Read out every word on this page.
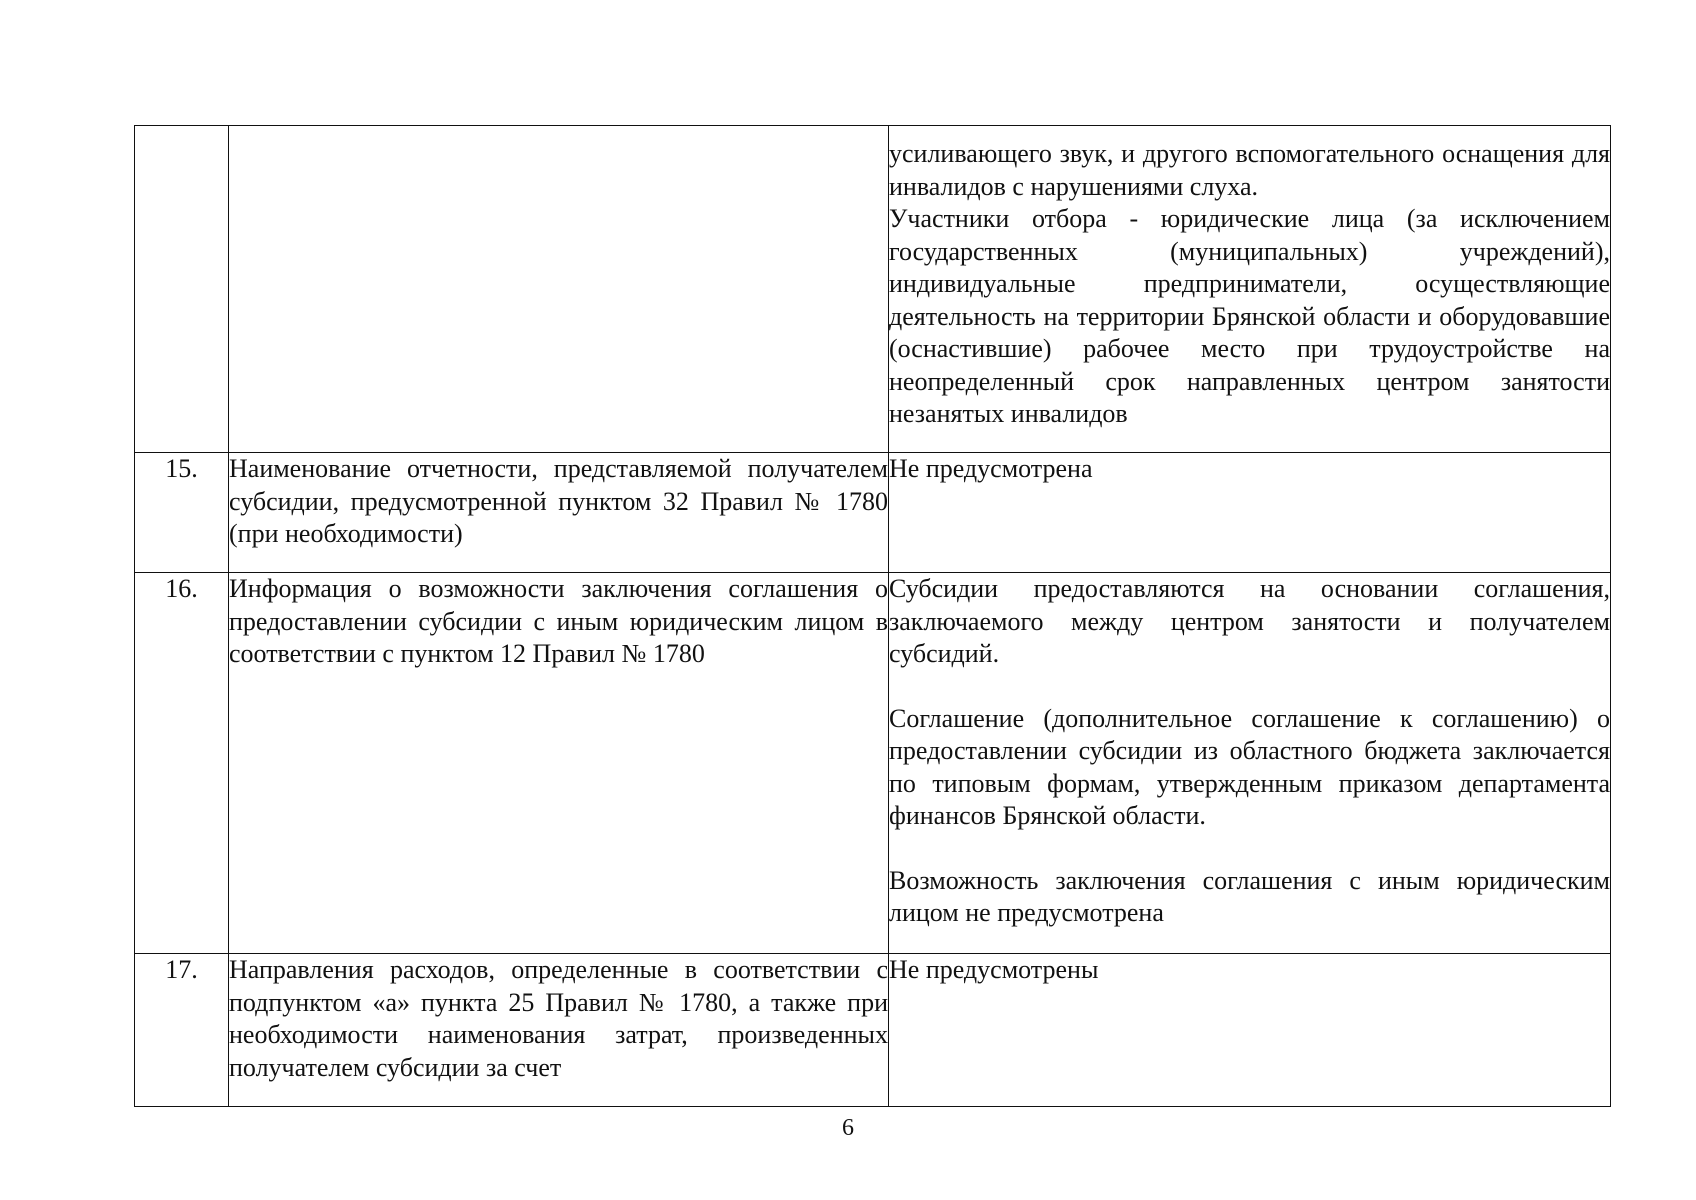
		усиливающего звук, и другого вспомогательного оснащения для инвалидов с нарушениями слуха.

Участники отбора - юридические лица (за исключением государственных (муниципальных) учреждений), индивидуальные предприниматели, осуществляющие деятельность на территории Брянской области и оборудовавшие (оснастившие) рабочее место при трудоустройстве на неопределенный срок направленных центром занятости незанятых инвалидов

15.	Наименование отчетности, представляемой получателем субсидии, предусмотренной пунктом 32 Правил № 1780 (при необходимости)	Не предусмотрена

16.	Информация о возможности заключения соглашения о предоставлении субсидии с иным юридическим лицом в соответствии с пунктом 12 Правил № 1780	Субсидии предоставляются на основании соглашения, заключаемого между центром занятости и получателем субсидий.

Соглашение (дополнительное соглашение к соглашению) о предоставлении субсидии из областного бюджета заключается по типовым формам, утвержденным приказом департамента финансов Брянской области.

Возможность заключения соглашения с иным юридическим лицом не предусмотрена

17.	Направления расходов, определенные в соответствии с подпунктом «а» пункта 25 Правил № 1780, а также при необходимости наименования затрат, произведенных получателем субсидии за счет	Не предусмотрены

6
